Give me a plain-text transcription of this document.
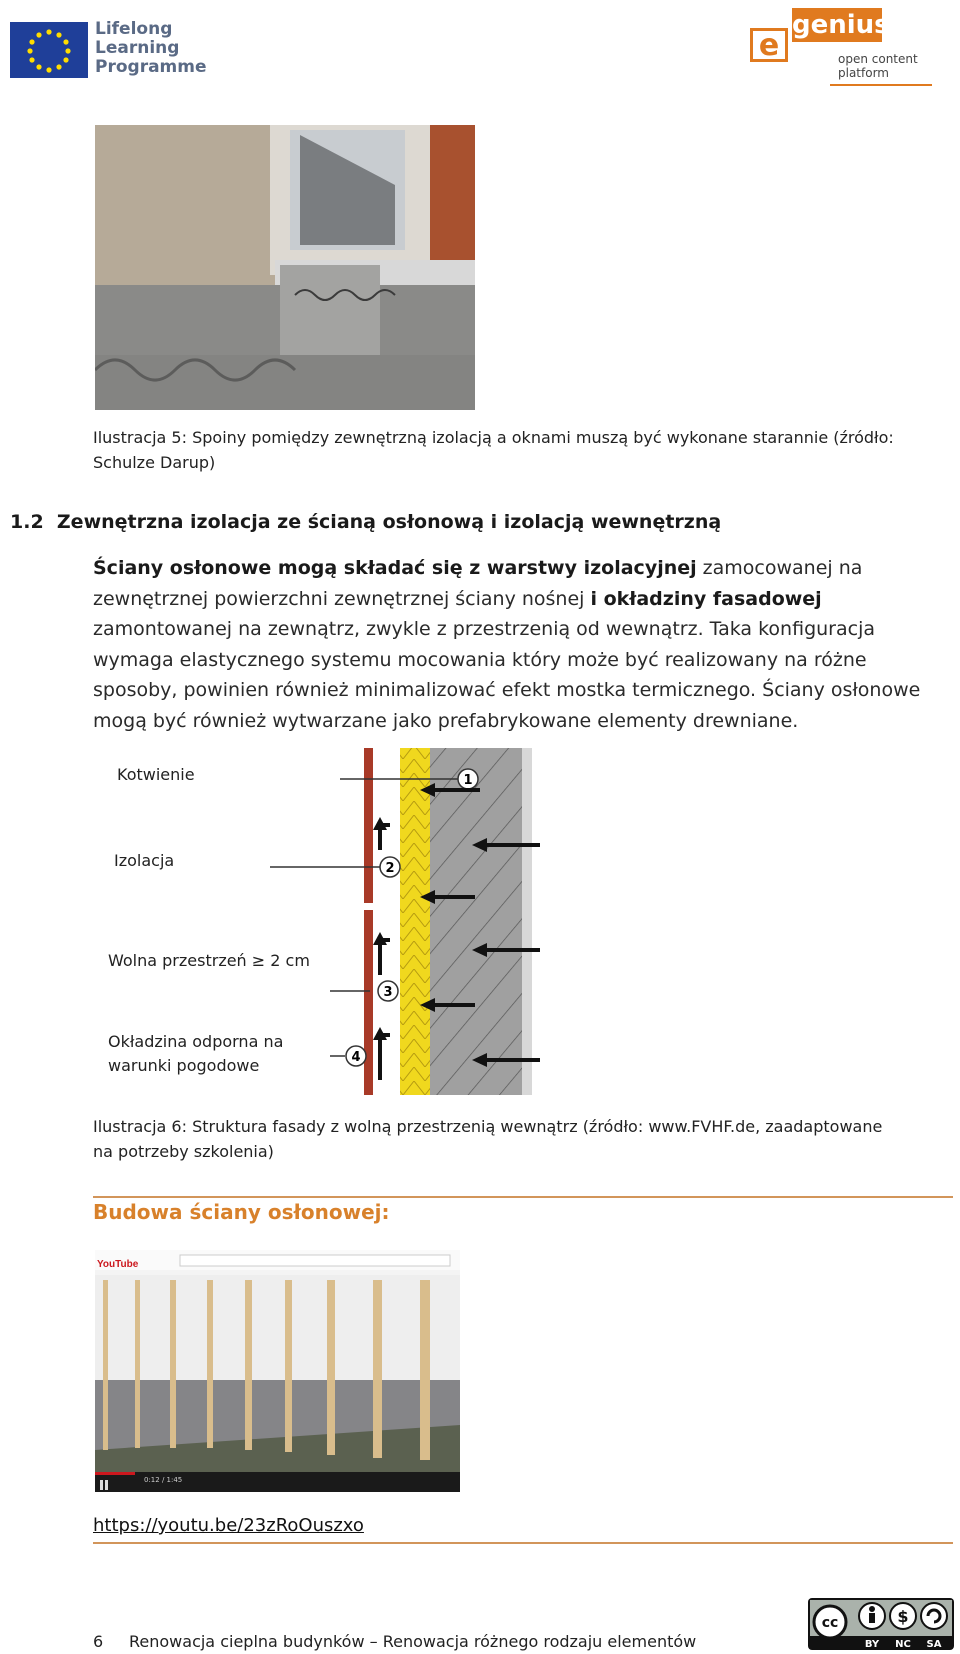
Lifelong
Learning
Programme
e
genius
open content
platform
Ilustracja 5: Spoiny pomiędzy zewnętrzną izolacją a oknami muszą być wykonane starannie (źródło:
Schulze Darup)
1.2 Zewnętrzna izolacja ze ścianą osłonową i izolacją wewnętrzną
Ściany osłonowe mogą składać się z warstwy izolacyjnej zamocowanej na zewnętrznej powierzchni zewnętrznej ściany nośnej i okładziny fasadowej zamontowanej na zewnątrz, zwykle z przestrzenią od wewnątrz. Taka konfiguracja wymaga elastycznego systemu mocowania który może być realizowany na różne sposoby, powinien również minimalizować efekt mostka termicznego. Ściany osłonowe mogą być również wytwarzane jako prefabrykowane elementy drewniane.
Kotwienie
Izolacja
Wolna przestrzeń ≥ 2 cm
Okładzina odporna na
warunki pogodowe
1
2
3
4
Ilustracja 6: Struktura fasady z wolną przestrzenią wewnątrz (źródło: www.FVHF.de, zaadaptowane
na potrzeby szkolenia)
Budowa ściany osłonowej:
YouTube
0:12 / 1:45
https://youtu.be/23zRoOuszxo
6 Renowacja cieplna budynków – Renowacja różnego rodzaju elementów
cc	$
BY NC SA
